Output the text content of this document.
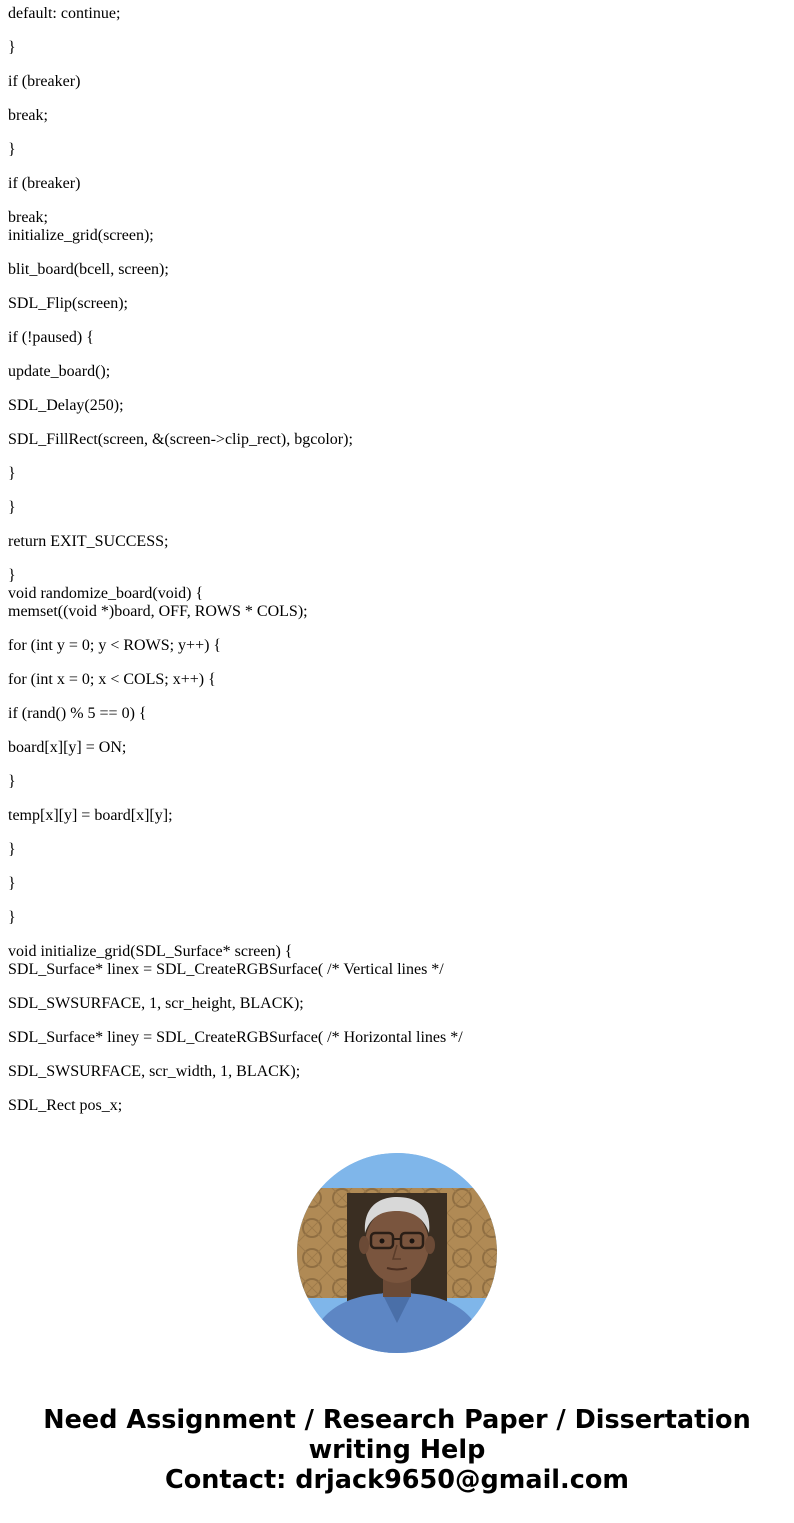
default: continue;

}

if (breaker)

break;

}

if (breaker)

break;

initialize_grid(screen);

blit_board(bcell, screen);

SDL_Flip(screen);

if (!paused) {

update_board();

SDL_Delay(250);

SDL_FillRect(screen, &(screen->clip_rect), bgcolor);

}

}

return EXIT_SUCCESS;

}

void randomize_board(void) {

memset((void *)board, OFF, ROWS * COLS);

for (int y = 0; y < ROWS; y++) {

for (int x = 0; x < COLS; x++) {

if (rand() % 5 == 0) {

board[x][y] = ON;

}

temp[x][y] = board[x][y];

}

}

}

void initialize_grid(SDL_Surface* screen) {

SDL_Surface* linex = SDL_CreateRGBSurface( /* Vertical lines */

SDL_SWSURFACE, 1, scr_height, BLACK);

SDL_Surface* liney = SDL_CreateRGBSurface( /* Horizontal lines */

SDL_SWSURFACE, scr_width, 1, BLACK);

SDL_Rect pos_x;

Need Assignment / Research Paper / Dissertation

writing Help

Contact: drjack9650@gmail.com
